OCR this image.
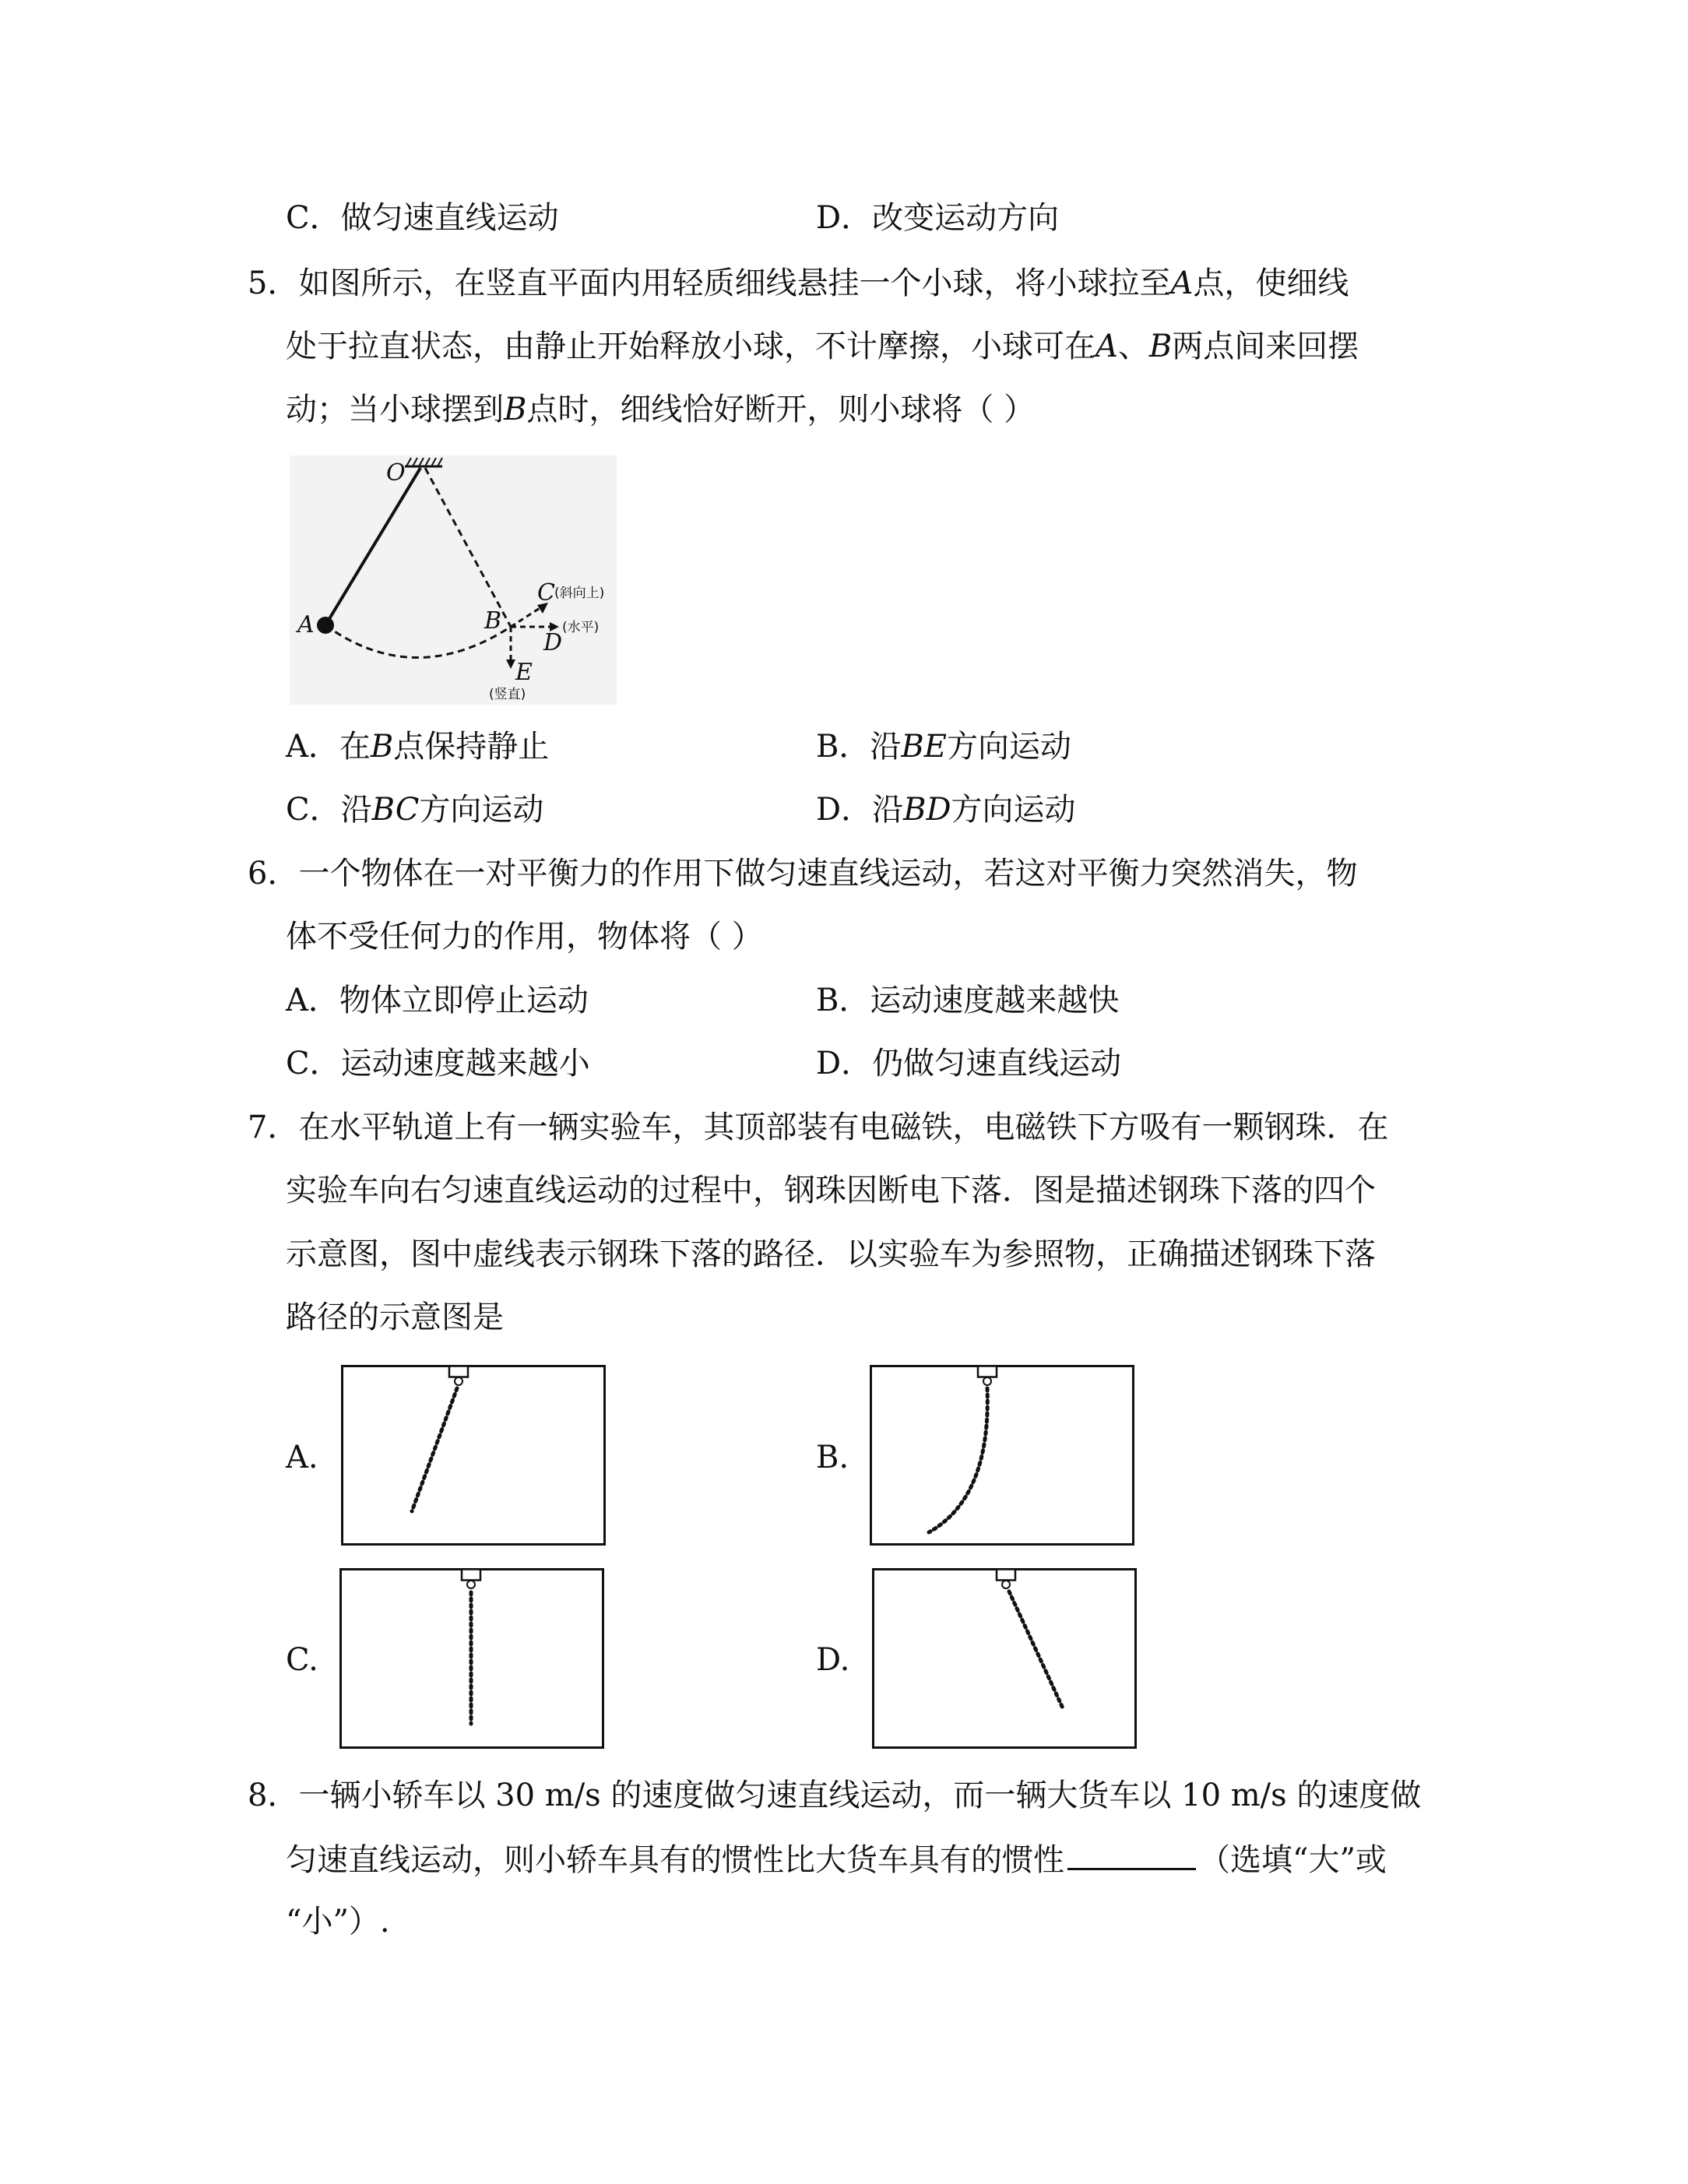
C．做匀速直线运动	D．改变运动方向
5．如图所示，在竖直平面内用轻质细线悬挂一个小球，将小球拉至A点，使细线
处于拉直状态，由静止开始释放小球，不计摩擦，小球可在A、B两点间来回摆
动；当小球摆到B点时，细线恰好断开，则小球将（ ）
O
A	B
C (斜向上)
D
(水平)
E
(竖直)
A．在B点保持静止	B．沿BE方向运动
C．沿BC方向运动	D．沿BD方向运动
6．一个物体在一对平衡力的作用下做匀速直线运动，若这对平衡力突然消失，物
体不受任何力的作用，物体将（ ）
A．物体立即停止运动	B．运动速度越来越快
C．运动速度越来越小	D．仍做匀速直线运动
7．在水平轨道上有一辆实验车，其顶部装有电磁铁，电磁铁下方吸有一颗钢珠．在
实验车向右匀速直线运动的过程中，钢珠因断电下落．图是描述钢珠下落的四个
示意图，图中虚线表示钢珠下落的路径．以实验车为参照物，正确描述钢珠下落
路径的示意图是
A.	B.
C.	D.
8．一辆小轿车以 30 m/s 的速度做匀速直线运动，而一辆大货车以 10 m/s 的速度做
匀速直线运动，则小轿车具有的惯性比大货车具有的惯性	（选填“大”或
“小”）.
